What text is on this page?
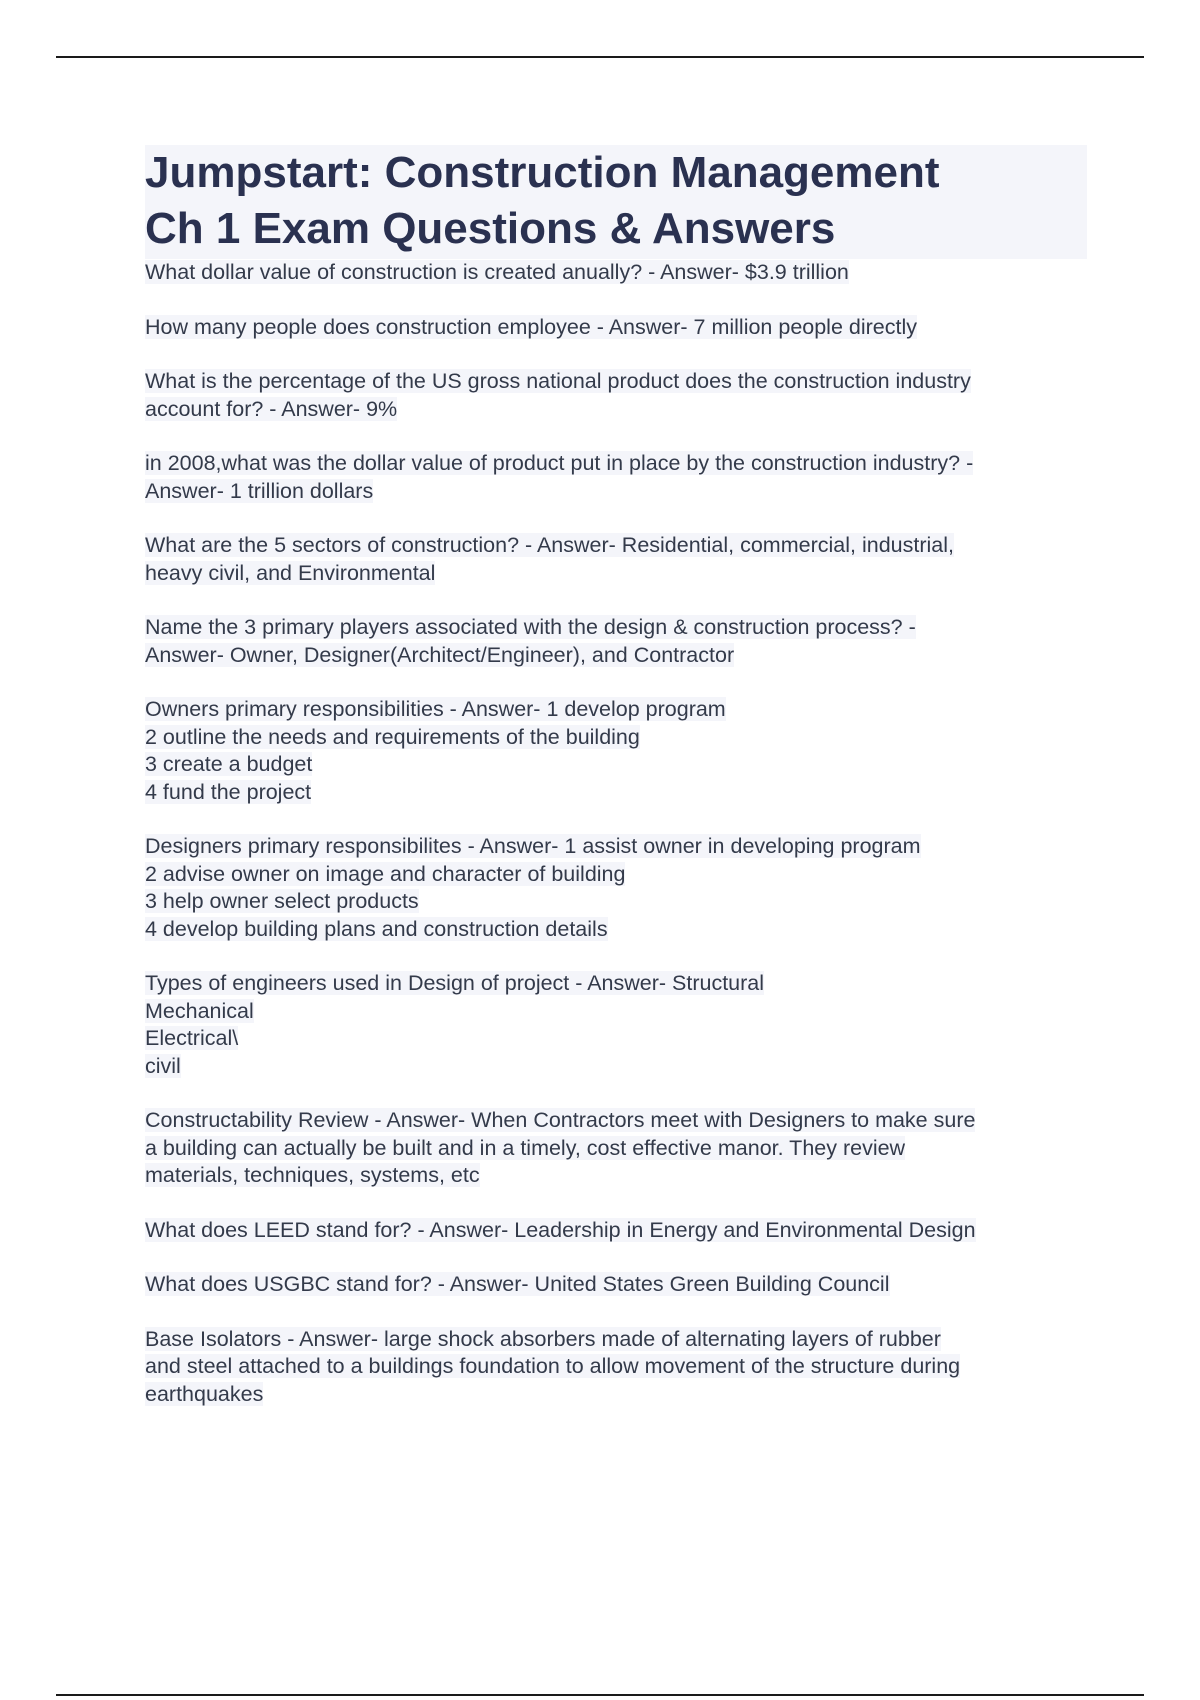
Jumpstart: Construction Management
Ch 1 Exam Questions & Answers
What dollar value of construction is created anually? - Answer- $3.9 trillion
How many people does construction employee - Answer- 7 million people directly
What is the percentage of the US gross national product does the construction industry
account for? - Answer- 9%
in 2008,what was the dollar value of product put in place by the construction industry? -
Answer- 1 trillion dollars
What are the 5 sectors of construction? - Answer- Residential, commercial, industrial,
heavy civil, and Environmental
Name the 3 primary players associated with the design & construction process? -
Answer- Owner, Designer(Architect/Engineer), and Contractor
Owners primary responsibilities - Answer- 1 develop program
2 outline the needs and requirements of the building
3 create a budget
4 fund the project
Designers primary responsibilites - Answer- 1 assist owner in developing program
2 advise owner on image and character of building
3 help owner select products
4 develop building plans and construction details
Types of engineers used in Design of project - Answer- Structural
Mechanical
Electrical\
civil
Constructability Review - Answer- When Contractors meet with Designers to make sure
a building can actually be built and in a timely, cost effective manor. They review
materials, techniques, systems, etc
What does LEED stand for? - Answer- Leadership in Energy and Environmental Design
What does USGBC stand for? - Answer- United States Green Building Council
Base Isolators - Answer- large shock absorbers made of alternating layers of rubber
and steel attached to a buildings foundation to allow movement of the structure during
earthquakes
